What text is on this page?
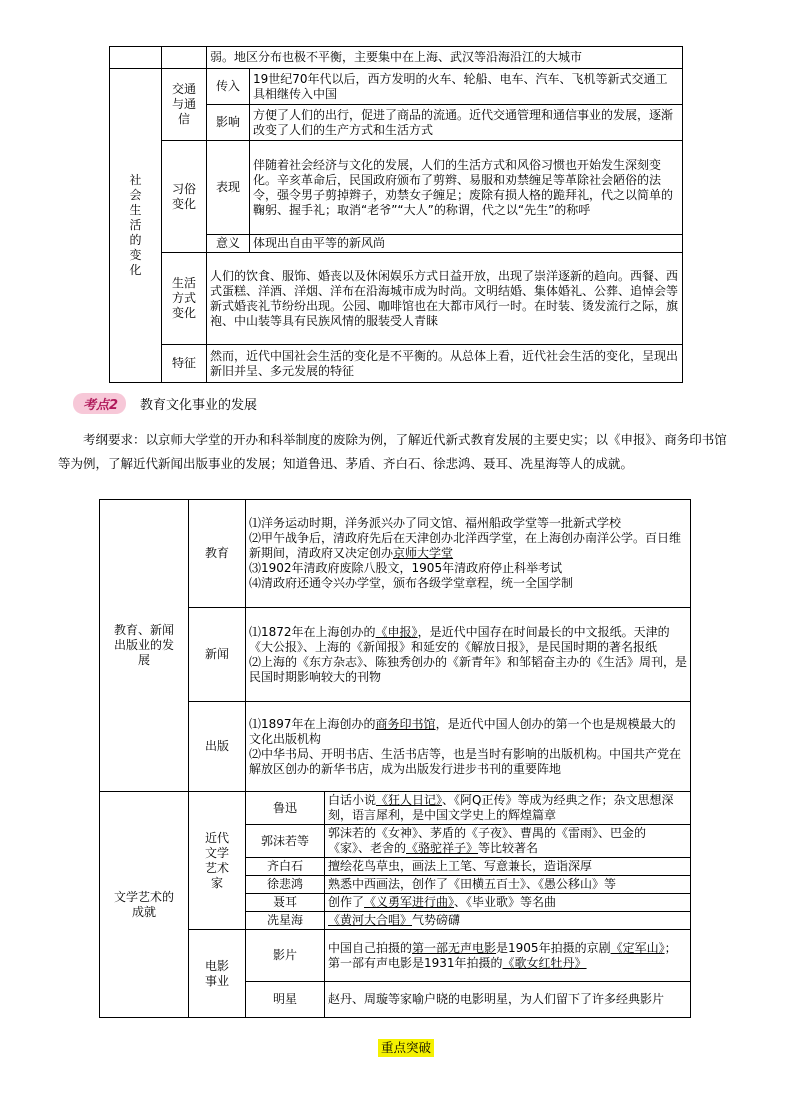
		弱。地区分布也极不平衡，主要集中在上海、武汉等沿海沿江的大城市	
社会生活的变化	交通与通信	传入	19世纪70年代以后，西方发明的火车、轮船、电车、汽车、飞机等新式交通工具相继传入中国
		影响	方便了人们的出行，促进了商品的流通。近代交通管理和通信事业的发展，逐渐改变了人们的生产方式和生活方式
	习俗变化	表现	伴随着社会经济与文化的发展，人们的生活方式和风俗习惯也开始发生深刻变化。辛亥革命后，民国政府颁布了剪辫、易服和劝禁缠足等革除社会陋俗的法令，强令男子剪掉辫子，劝禁女子缠足；废除有损人格的跪拜礼，代之以简单的鞠躬、握手礼；取消“老爷”“大人”的称谓，代之以“先生”的称呼
		意义	体现出自由平等的新风尚
	生活方式变化	人们的饮食、服饰、婚丧以及休闲娱乐方式日益开放，出现了崇洋逐新的趋向。西餐、西式蛋糕、洋酒、洋烟、洋布在沿海城市成为时尚。文明结婚、集体婚礼、公葬、追悼会等新式婚丧礼节纷纷出现。公园、咖啡馆也在大都市风行一时。在时装、烫发流行之际，旗袍、中山装等具有民族风情的服装受人青睐	
	特征	然而，近代中国社会生活的变化是不平衡的。从总体上看，近代社会生活的变化，呈现出新旧并呈、多元发展的特征	
考点2	教育文化事业的发展
考纲要求：以京师大学堂的开办和科举制度的废除为例，了解近代新式教育发展的主要史实；以《申报》、商务印书馆等为例，了解近代新闻出版事业的发展；知道鲁迅、茅盾、齐白石、徐悲鸿、聂耳、冼星海等人的成就。
教育、新闻出版业的发展	教育	⑴洋务运动时期，洋务派兴办了同文馆、福州船政学堂等一批新式学校
⑵甲午战争后，清政府先后在天津创办北洋西学堂，在上海创办南洋公学。百日维新期间，清政府又决定创办京师大学堂
⑶1902年清政府废除八股文，1905年清政府停止科举考试
⑷清政府还通令兴办学堂，颁布各级学堂章程，统一全国学制	

	新闻	⑴1872年在上海创办的《申报》，是近代中国存在时间最长的中文报纸。天津的《大公报》、上海的《新闻报》和延安的《解放日报》，是民国时期的著名报纸
⑵上海的《东方杂志》、陈独秀创办的《新青年》和邹韬奋主办的《生活》周刊，是民国时期影响较大的刊物	

	出版	⑴1897年在上海创办的商务印书馆，是近代中国人创办的第一个也是规模最大的文化出版机构
⑵中华书局、开明书店、生活书店等，也是当时有影响的出版机构。中国共产党在解放区创办的新华书店，成为出版发行进步书刊的重要阵地	

文学艺术的成就	近代文学艺术家	鲁迅	白话小说《狂人日记》、《阿Q正传》等成为经典之作；杂文思想深刻，语言犀利，是中国文学史上的辉煌篇章
		郭沫若等	郭沫若的《女神》、茅盾的《子夜》、曹禺的《雷雨》、巴金的《家》、老舍的《骆驼祥子》等比较著名
		齐白石	擅绘花鸟草虫，画法上工笔、写意兼长，造诣深厚
		徐悲鸿	熟悉中西画法，创作了《田横五百士》、《愚公移山》等
		聂耳	创作了《义勇军进行曲》、《毕业歌》等名曲
		冼星海	《黄河大合唱》气势磅礴
	电影事业	影片	中国自己拍摄的第一部无声电影是1905年拍摄的京剧《定军山》；第一部有声电影是1931年拍摄的《歌女红牡丹》
		明星	赵丹、周璇等家喻户晓的电影明星，为人们留下了许多经典影片
重点突破
